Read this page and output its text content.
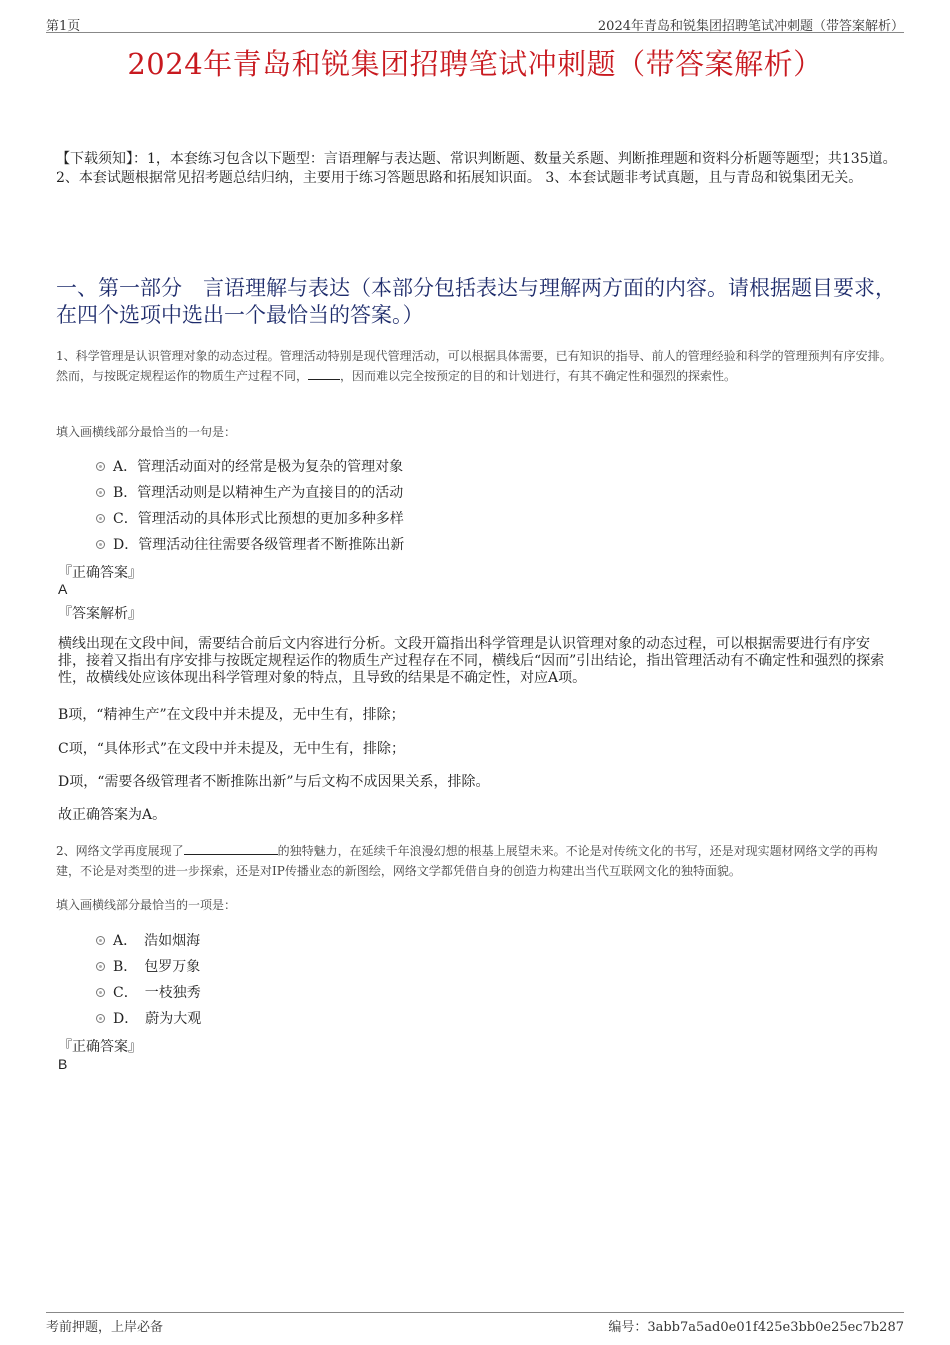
第1页	2024年青岛和锐集团招聘笔试冲刺题（带答案解析）
2024年青岛和锐集团招聘笔试冲刺题（带答案解析）
【下载须知】：1，本套练习包含以下题型：言语理解与表达题、常识判断题、数量关系题、判断推理题和资料分析题等题型；共135道。 2、本套试题根据常见招考题总结归纳，主要用于练习答题思路和拓展知识面。 3、本套试题非考试真题，且与青岛和锐集团无关。
一、第一部分　言语理解与表达（本部分包括表达与理解两方面的内容。请根据题目要求，在四个选项中选出一个最恰当的答案。）
1、科学管理是认识管理对象的动态过程。管理活动特别是现代管理活动，可以根据具体需要，已有知识的指导、前人的管理经验和科学的管理预判有序安排。然而，与按既定规程运作的物质生产过程不同，	，因而难以完全按预定的目的和计划进行，有其不确定性和强烈的探索性。
填入画横线部分最恰当的一句是：
A．管理活动面对的经常是极为复杂的管理对象
B．管理活动则是以精神生产为直接目的的活动
C．管理活动的具体形式比预想的更加多种多样
D．管理活动往往需要各级管理者不断推陈出新
『正确答案』
A
『答案解析』
横线出现在文段中间，需要结合前后文内容进行分析。文段开篇指出科学管理是认识管理对象的动态过程，可以根据需要进行有序安排，接着又指出有序安排与按既定规程运作的物质生产过程存在不同，横线后“因而”引出结论，指出管理活动有不确定性和强烈的探索性，故横线处应该体现出科学管理对象的特点，且导致的结果是不确定性，对应A项。
B项，“精神生产”在文段中并未提及，无中生有，排除；
C项，“具体形式”在文段中并未提及，无中生有，排除；
D项，“需要各级管理者不断推陈出新”与后文构不成因果关系，排除。
故正确答案为A。
2、网络文学再度展现了	的独特魅力，在延续千年浪漫幻想的根基上展望未来。不论是对传统文化的书写，还是对现实题材网络文学的再构建，不论是对类型的进一步探索，还是对IP传播业态的新图绘，网络文学都凭借自身的创造力构建出当代互联网文化的独特面貌。
填入画横线部分最恰当的一项是：
A．　浩如烟海
B．　包罗万象
C．　一枝独秀
D．　蔚为大观
『正确答案』
B
考前押题，上岸必备	编号：3abb7a5ad0e01f425e3bb0e25ec7b287
